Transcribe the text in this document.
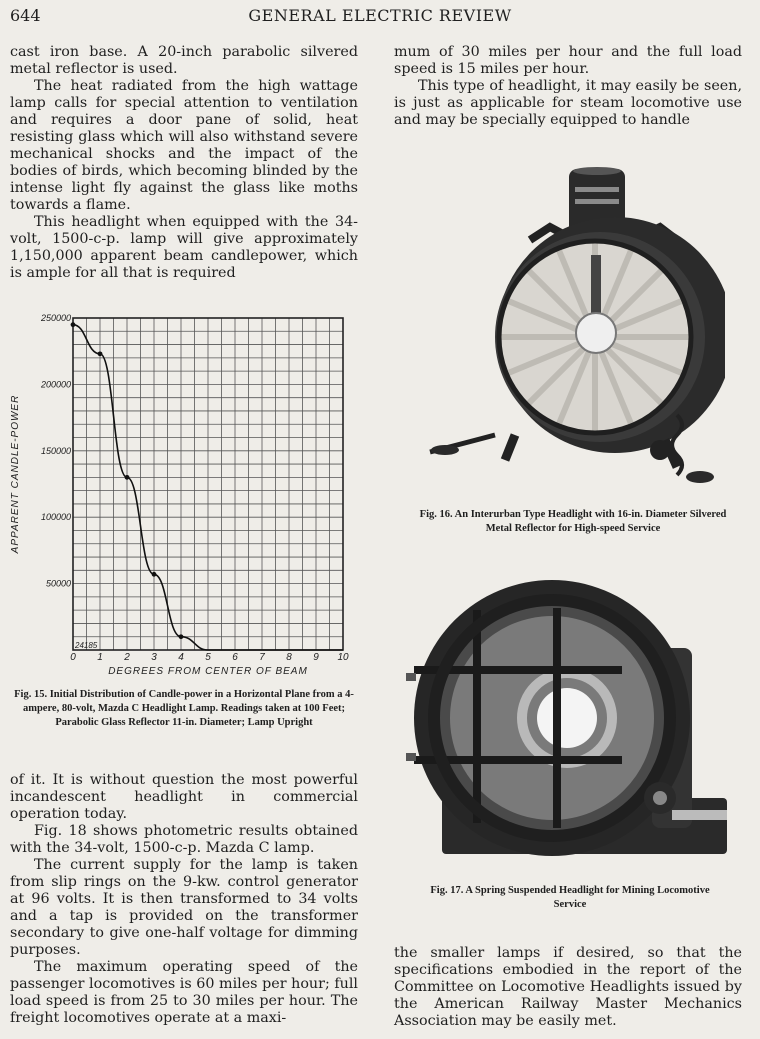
644	GENERAL ELECTRIC REVIEW

cast iron base. A 20-inch parabolic silvered metal reflector is used.

The heat radiated from the high wattage lamp calls for special attention to ventilation and requires a door pane of solid, heat resisting glass which will also withstand severe mechanical shocks and the impact of the bodies of birds, which becoming blinded by the intense light fly against the glass like moths towards a flame.

This headlight when equipped with the 34-volt, 1500-c-p. lamp will give approximately 1,150,000 apparent beam candlepower, which is ample for all that is required

250000
200000
150000
100000
50000
0 1 2 3 4 5 6 7 8 9 10
24185
DEGREES FROM CENTER OF BEAM
APPARENT CANDLE-POWER
Fig. 15. Initial Distribution of Candle-power in a Horizontal Plane from a 4-ampere, 80-volt, Mazda C Headlight Lamp. Readings taken at 100 Feet; Parabolic Glass Reflector 11-in. Diameter; Lamp Upright

of it. It is without question the most powerful incandescent headlight in commercial operation today.

Fig. 18 shows photometric results obtained with the 34-volt, 1500-c-p. Mazda C lamp.

The current supply for the lamp is taken from slip rings on the 9-kw. control generator at 96 volts. It is then transformed to 34 volts and a tap is provided on the transformer secondary to give one-half voltage for dimming purposes.

The maximum operating speed of the passenger locomotives is 60 miles per hour; full load speed is from 25 to 30 miles per hour. The freight locomotives operate at a maxi-

mum of 30 miles per hour and the full load speed is 15 miles per hour.

This type of headlight, it may easily be seen, is just as applicable for steam locomotive use and may be specially equipped to handle

Fig. 16. An Interurban Type Headlight with 16-in. Diameter Silvered Metal Reflector for High-speed Service
Fig. 17. A Spring Suspended Headlight for Mining Locomotive Service

the smaller lamps if desired, so that the specifications embodied in the report of the Committee on Locomotive Headlights issued by the American Railway Master Mechanics Association may be easily met.
